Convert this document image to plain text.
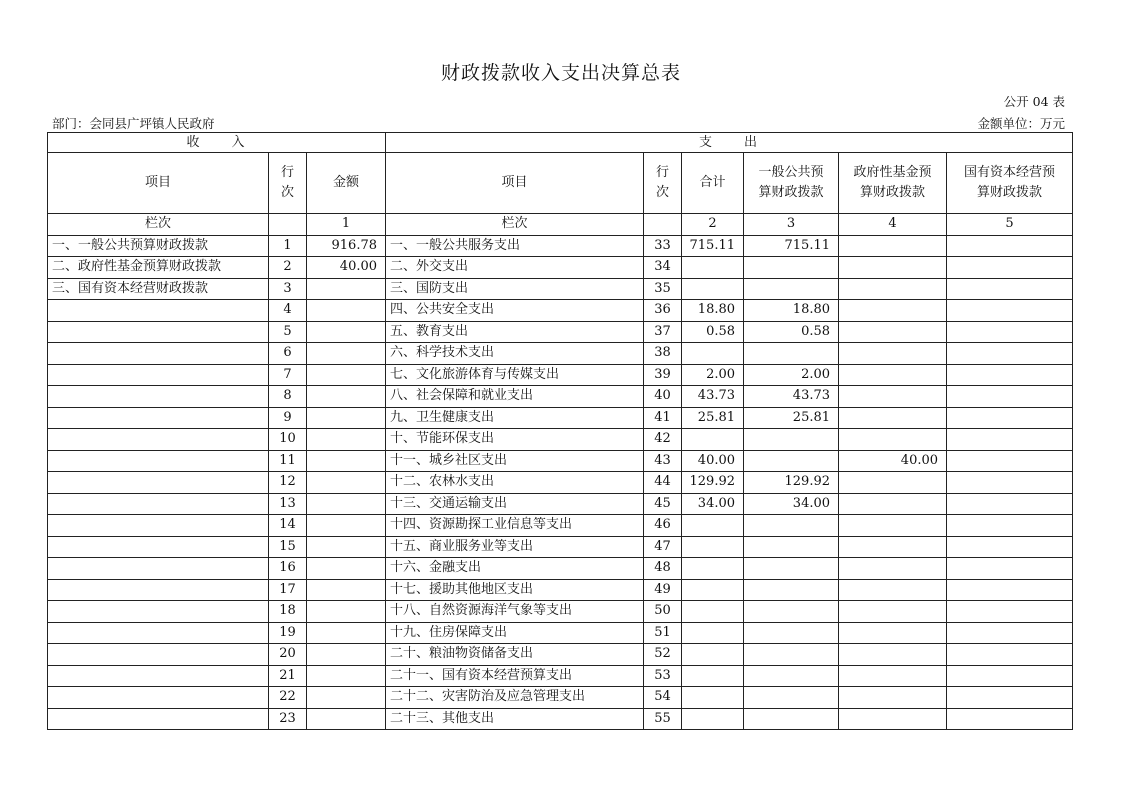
财政拨款收入支出决算总表
公开 04 表
部门：会同县广坪镇人民政府	金额单位：万元
收　　入			支　　出					
项目	行次	金额	项目	行次	合计	一般公共预算财政拨款	政府性基金预算财政拨款	国有资本经营预算财政拨款
栏次		1	栏次		2	3	4	5
一、一般公共预算财政拨款	1	916.78	一、一般公共服务支出	33	715.11	715.11		
二、政府性基金预算财政拨款	2	40.00	二、外交支出	34				
三、国有资本经营财政拨款	3		三、国防支出	35				
	4		四、公共安全支出	36	18.80	18.80		
	5		五、教育支出	37	0.58	0.58		
	6		六、科学技术支出	38				
	7		七、文化旅游体育与传媒支出	39	2.00	2.00		
	8		八、社会保障和就业支出	40	43.73	43.73		
	9		九、卫生健康支出	41	25.81	25.81		
	10		十、节能环保支出	42				
	11		十一、城乡社区支出	43	40.00		40.00	
	12		十二、农林水支出	44	129.92	129.92		
	13		十三、交通运输支出	45	34.00	34.00		
	14		十四、资源勘探工业信息等支出	46				
	15		十五、商业服务业等支出	47				
	16		十六、金融支出	48				
	17		十七、援助其他地区支出	49				
	18		十八、自然资源海洋气象等支出	50				
	19		十九、住房保障支出	51				
	20		二十、粮油物资储备支出	52				
	21		二十一、国有资本经营预算支出	53				
	22		二十二、灾害防治及应急管理支出	54				
	23		二十三、其他支出	55				
